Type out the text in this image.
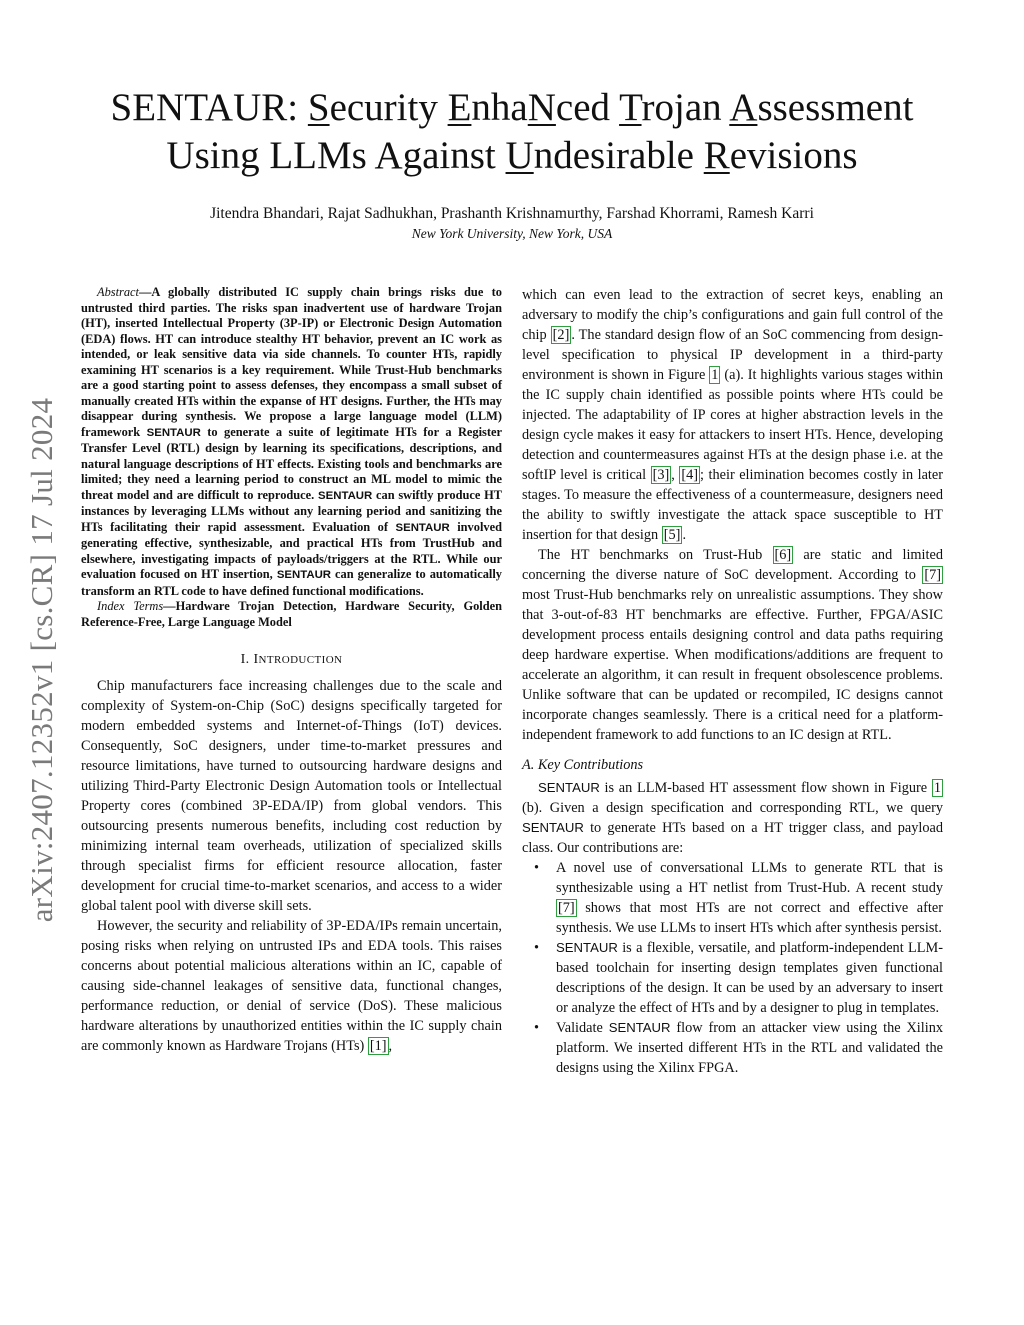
arXiv:2407.12352v1 [cs.CR] 17 Jul 2024
SENTAUR: Security EnhaNced Trojan Assessment
Using LLMs Against Undesirable Revisions
Jitendra Bhandari, Rajat Sadhukhan, Prashanth Krishnamurthy, Farshad Khorrami, Ramesh Karri
New York University, New York, USA

Abstract—A globally distributed IC supply chain brings risks due to untrusted third parties. The risks span inadvertent use of hardware Trojan (HT), inserted Intellectual Property (3P-IP) or Electronic Design Automation (EDA) flows. HT can introduce stealthy HT behavior, prevent an IC work as intended, or leak sensitive data via side channels. To counter HTs, rapidly examining HT scenarios is a key requirement. While Trust-Hub benchmarks are a good starting point to assess defenses, they encompass a small subset of manually created HTs within the expanse of HT designs. Further, the HTs may disappear during synthesis. We propose a large language model (LLM) framework SENTAUR to generate a suite of legitimate HTs for a Register Transfer Level (RTL) design by learning its specifications, descriptions, and natural language descriptions of HT effects. Existing tools and benchmarks are limited; they need a learning period to construct an ML model to mimic the threat model and are difficult to reproduce. SENTAUR can swiftly produce HT instances by leveraging LLMs without any learning period and sanitizing the HTs facilitating their rapid assessment. Evaluation of SENTAUR involved generating effective, synthesizable, and practical HTs from TrustHub and elsewhere, investigating impacts of payloads/triggers at the RTL. While our evaluation focused on HT insertion, SENTAUR can generalize to automatically transform an RTL code to have defined functional modifications.

Index Terms—Hardware Trojan Detection, Hardware Security, Golden Reference-Free, Large Language Model

I. INTRODUCTION

Chip manufacturers face increasing challenges due to the scale and complexity of System-on-Chip (SoC) designs specifically targeted for modern embedded systems and Internet-of-Things (IoT) devices. Consequently, SoC designers, under time-to-market pressures and resource limitations, have turned to outsourcing hardware designs and utilizing Third-Party Electronic Design Automation tools or Intellectual Property cores (combined 3P-EDA/IP) from global vendors. This outsourcing presents numerous benefits, including cost reduction by minimizing internal team overheads, utilization of specialized skills through specialist firms for efficient resource allocation, faster development for crucial time-to-market scenarios, and access to a wider global talent pool with diverse skill sets.

However, the security and reliability of 3P-EDA/IPs remain uncertain, posing risks when relying on untrusted IPs and EDA tools. This raises concerns about potential malicious alterations within an IC, capable of causing side-channel leakages of sensitive data, functional changes, performance reduction, or denial of service (DoS). These malicious hardware alterations by unauthorized entities within the IC supply chain are commonly known as Hardware Trojans (HTs) [1] ,

which can even lead to the extraction of secret keys, enabling an adversary to modify the chip’s configurations and gain full control of the chip [2] . The standard design flow of an SoC commencing from design-level specification to physical IP development in a third-party environment is shown in Figure 1 (a). It highlights various stages within the IC supply chain identified as possible points where HTs could be injected. The adaptability of IP cores at higher abstraction levels in the design cycle makes it easy for attackers to insert HTs. Hence, developing detection and countermeasures against HTs at the design phase i.e. at the softIP level is critical [3] , [4] ; their elimination becomes costly in later stages. To measure the effectiveness of a countermeasure, designers need the ability to swiftly investigate the attack space susceptible to HT insertion for that design [5] .

The HT benchmarks on Trust-Hub [6] are static and limited concerning the diverse nature of SoC development. According to [7] most Trust-Hub benchmarks rely on unrealistic assumptions. They show that 3-out-of-83 HT benchmarks are effective. Further, FPGA/ASIC development process entails designing control and data paths requiring deep hardware expertise. When modifications/additions are frequent to accelerate an algorithm, it can result in frequent obsolescence problems. Unlike software that can be updated or recompiled, IC designs cannot incorporate changes seamlessly. There is a critical need for a platform-independent framework to add functions to an IC design at RTL.

A. Key Contributions

SENTAUR is an LLM-based HT assessment flow shown in Figure 1 (b). Given a design specification and corresponding RTL, we query SENTAUR to generate HTs based on a HT trigger class, and payload class. Our contributions are:

• A novel use of conversational LLMs to generate RTL that is synthesizable using a HT netlist from Trust-Hub. A recent study [7] shows that most HTs are not correct and effective after synthesis. We use LLMs to insert HTs which after synthesis persist.
• SENTAUR is a flexible, versatile, and platform-independent LLM-based toolchain for inserting design templates given functional descriptions of the design. It can be used by an adversary to insert or analyze the effect of HTs and by a designer to plug in templates.
• Validate SENTAUR flow from an attacker view using the Xilinx platform. We inserted different HTs in the RTL and validated the designs using the Xilinx FPGA.
